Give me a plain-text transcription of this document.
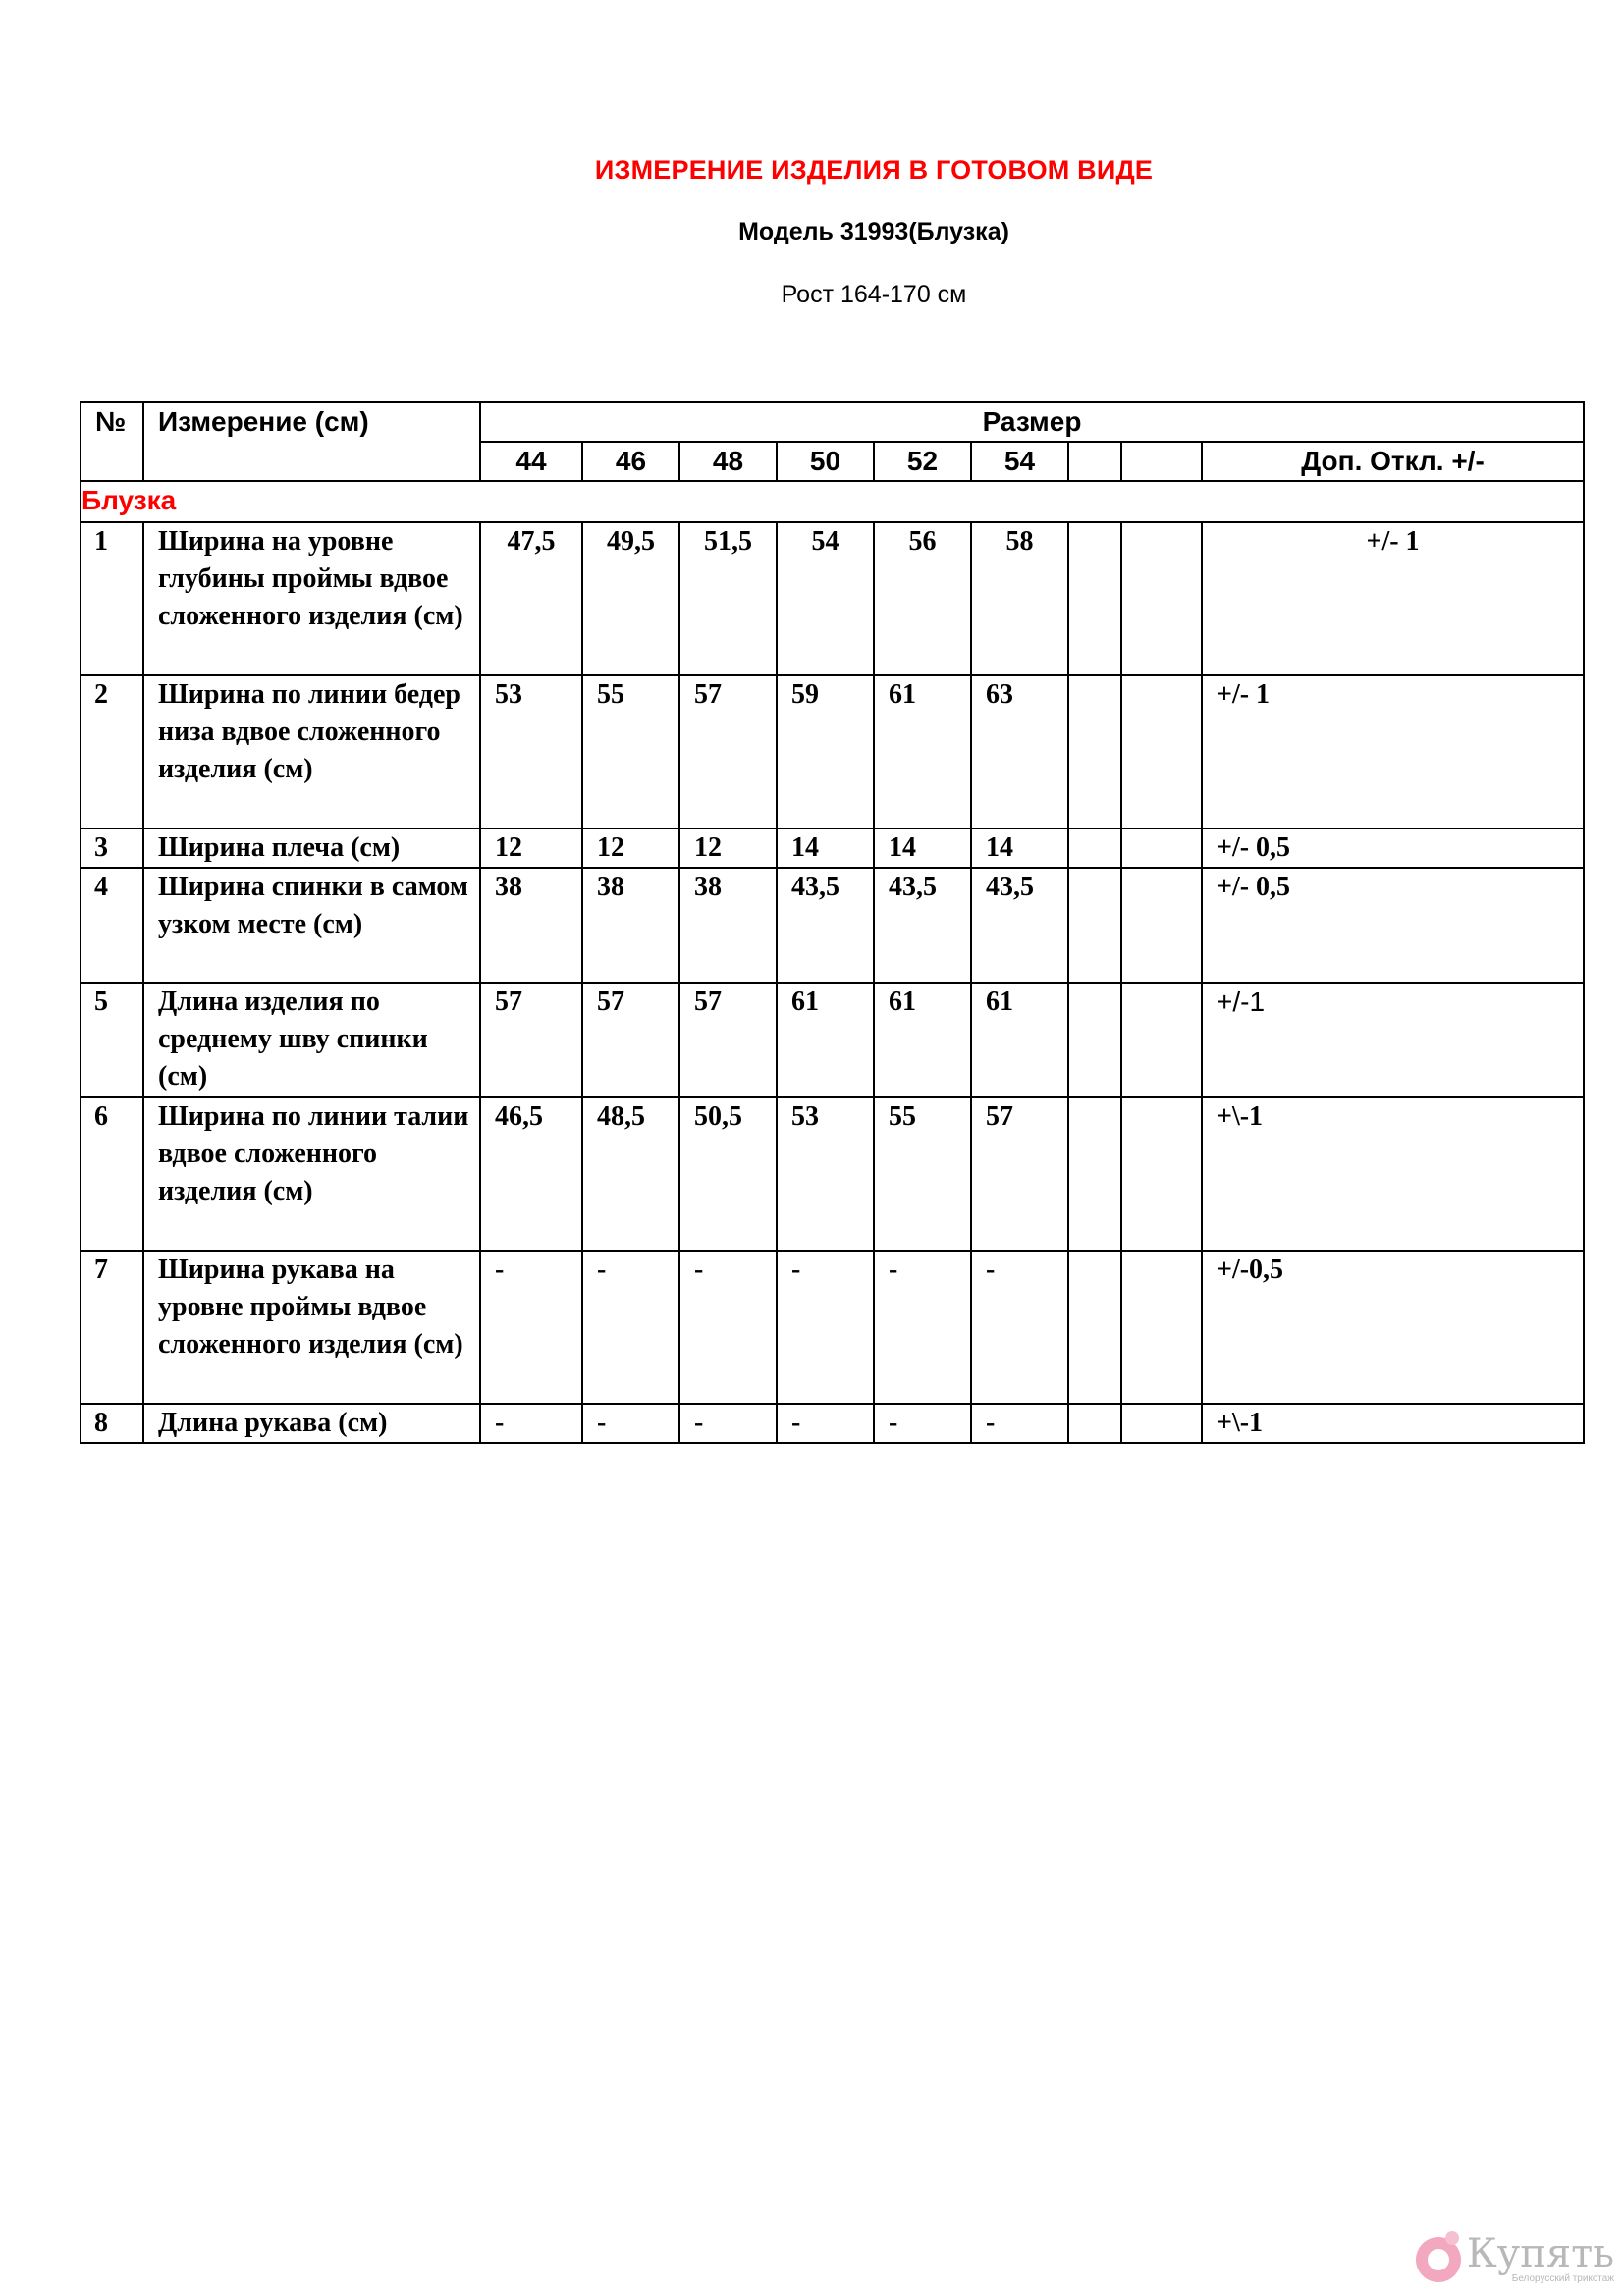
ИЗМЕРЕНИЕ ИЗДЕЛИЯ В ГОТОВОМ ВИДЕ
Модель 31993(Блузка)
Рост 164-170 см
№	Измерение (см)	Размер								
		44	46	48	50	52	54			Доп. Откл. +/-
Блузка										
1	Ширина на уровне глубины проймы вдвое сложенного изделия (см)	47,5	49,5	51,5	54	56	58			+/- 1
2	Ширина по линии бедер низа вдвое сложенного изделия (см)	53	55	57	59	61	63			+/- 1
3	Ширина плеча (см)	12	12	12	14	14	14			+/- 0,5
4	Ширина спинки в самом узком месте (см)	38	38	38	43,5	43,5	43,5			+/- 0,5
5	Длина изделия по среднему шву спинки (см)	57	57	57	61	61	61			+/-1
6	Ширина по линии талии вдвое сложенного изделия (см)	46,5	48,5	50,5	53	55	57			+\-1
7	Ширина рукава на уровне проймы вдвое сложенного изделия (см)	-	-	-	-	-	-			+/-0,5
8	Длина рукава (см)	-	-	-	-	-	-			+\-1
Купять
Белорусский трикотаж
